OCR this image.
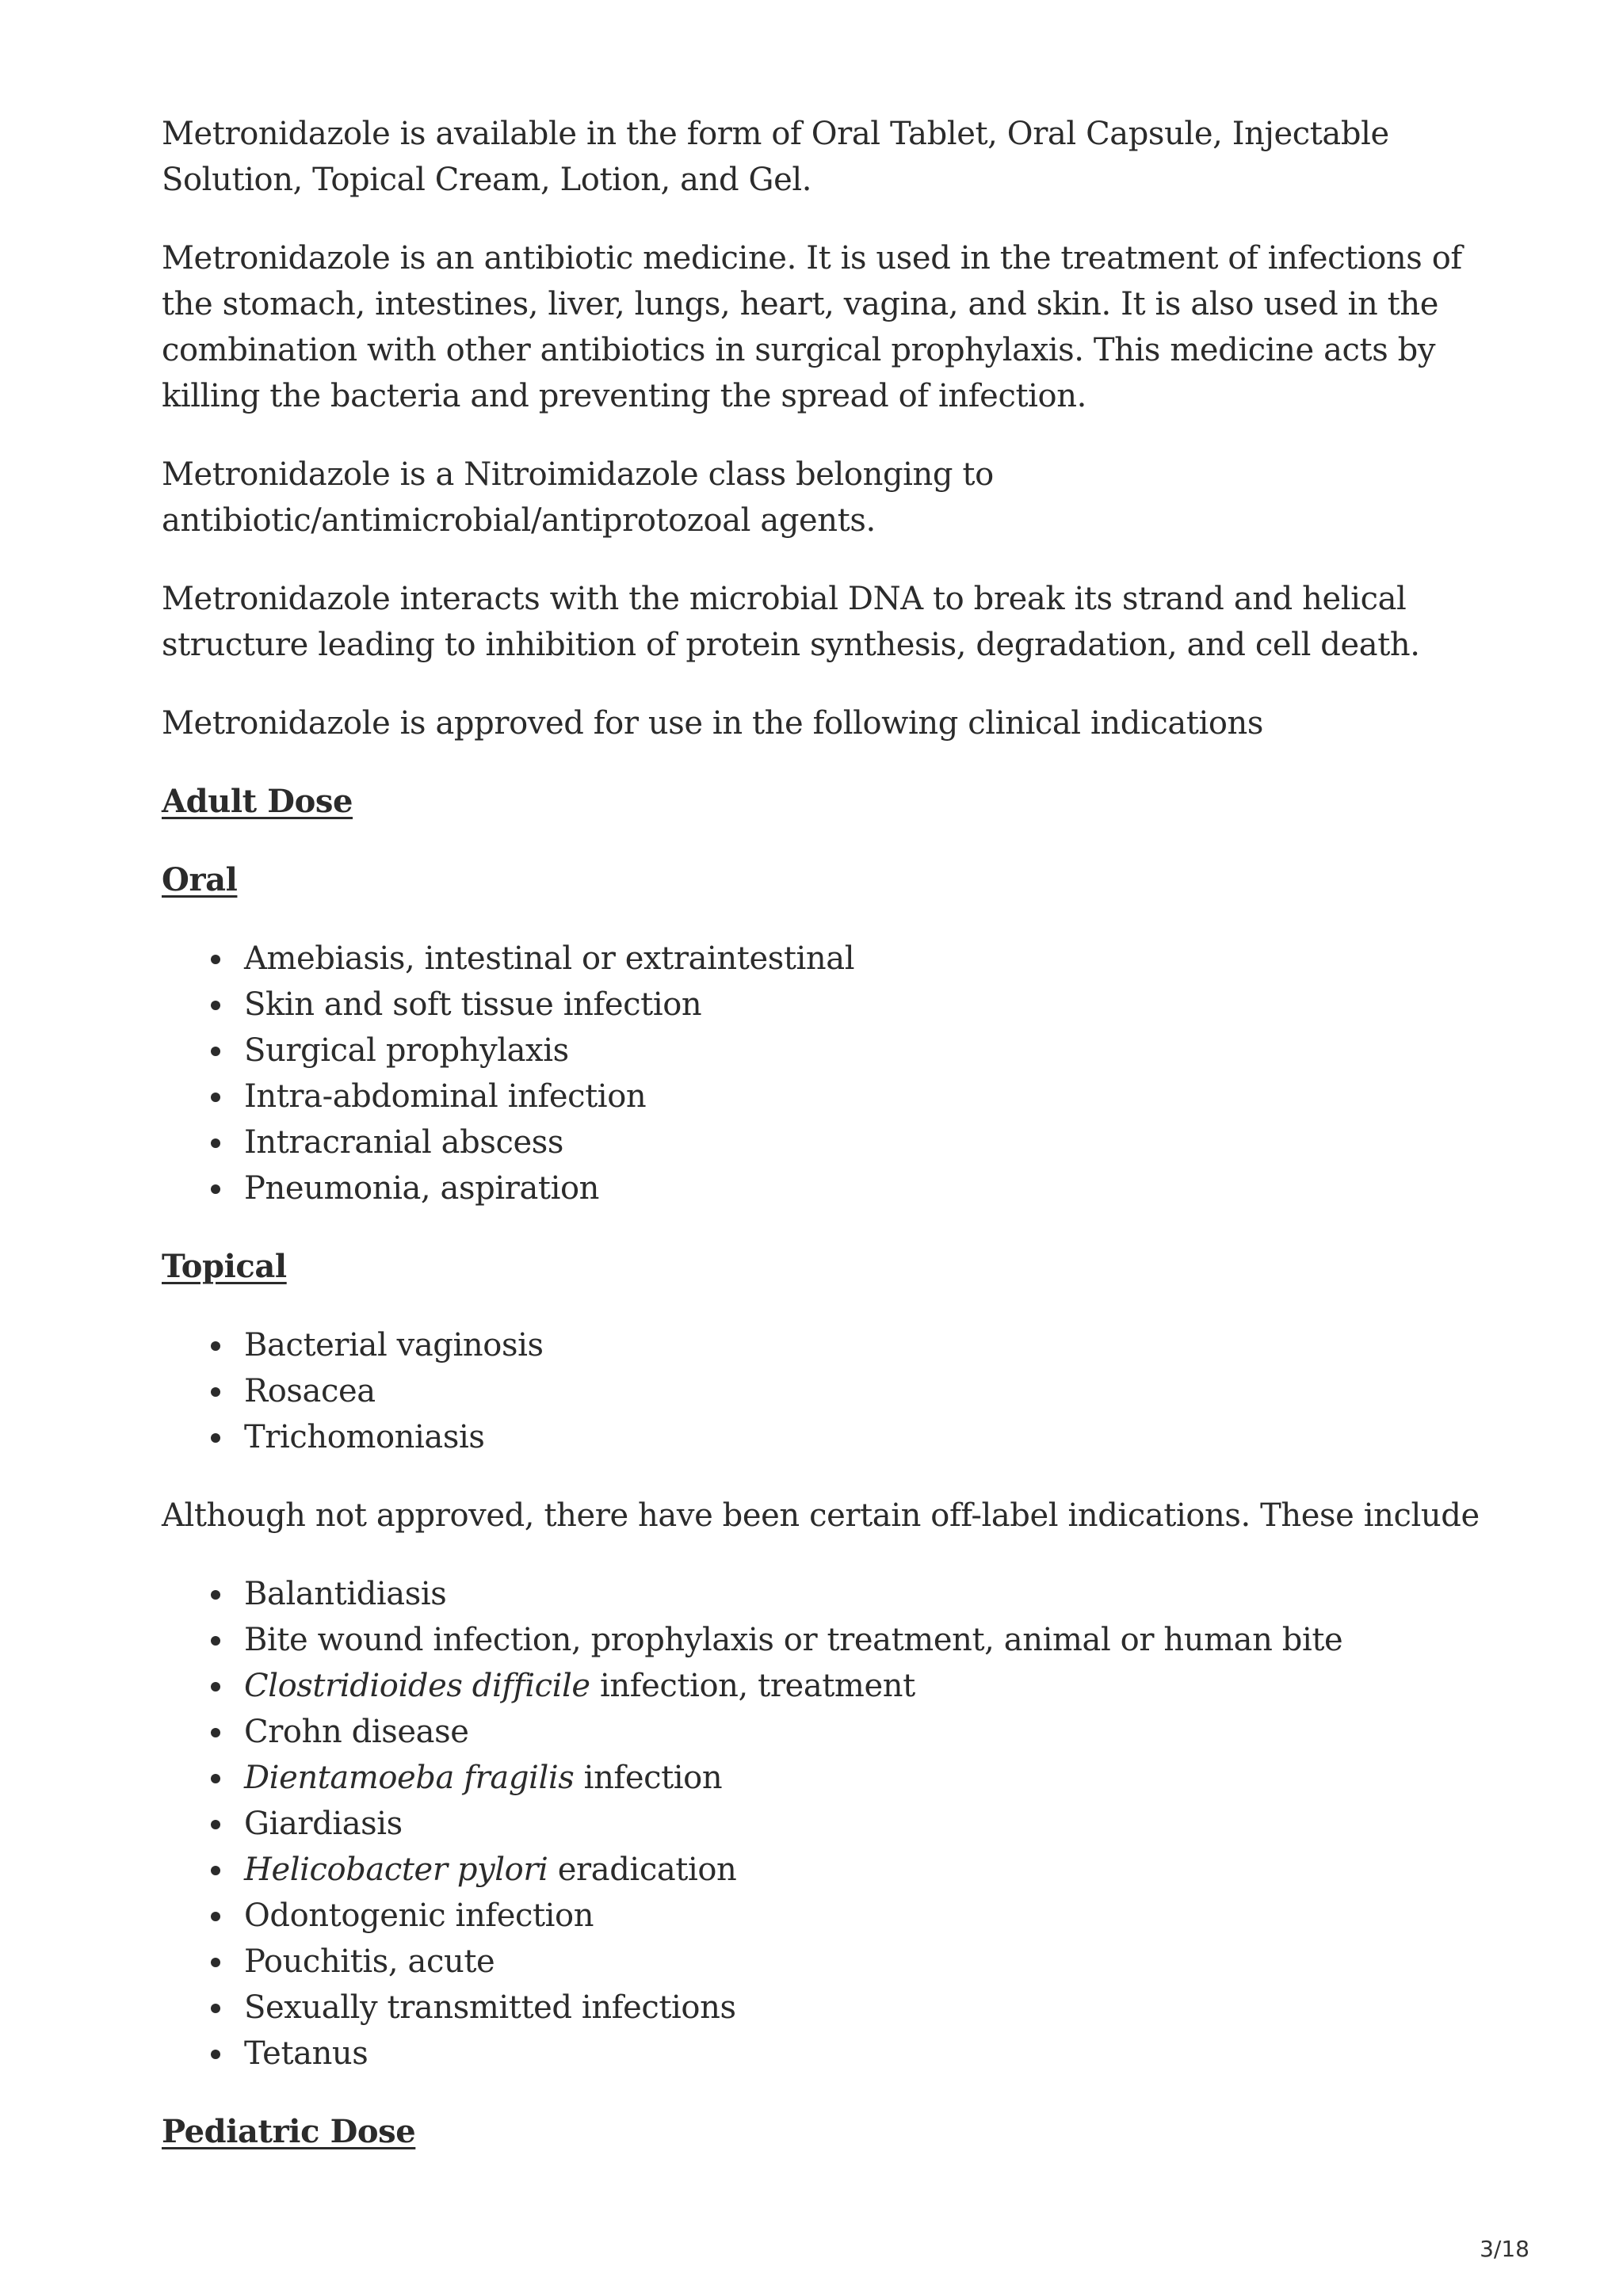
Metronidazole is available in the form of Oral Tablet, Oral Capsule, Injectable Solution, Topical Cream, Lotion, and Gel.

Metronidazole is an antibiotic medicine. It is used in the treatment of infections of the stomach, intestines, liver, lungs, heart, vagina, and skin. It is also used in the combination with other antibiotics in surgical prophylaxis. This medicine acts by killing the bacteria and preventing the spread of infection.

Metronidazole is a Nitroimidazole class belonging to
antibiotic/antimicrobial/antiprotozoal agents.

Metronidazole interacts with the microbial DNA to break its strand and helical structure leading to inhibition of protein synthesis, degradation, and cell death.

Metronidazole is approved for use in the following clinical indications

Adult Dose
Oral
Amebiasis, intestinal or extraintestinal
Skin and soft tissue infection
Surgical prophylaxis
Intra-abdominal infection
Intracranial abscess
Pneumonia, aspiration
Topical
Bacterial vaginosis
Rosacea
Trichomoniasis

Although not approved, there have been certain off-label indications. These include

Balantidiasis
Bite wound infection, prophylaxis or treatment, animal or human bite
Clostridioides difficile infection, treatment
Crohn disease
Dientamoeba fragilis infection
Giardiasis
Helicobacter pylori eradication
Odontogenic infection
Pouchitis, acute
Sexually transmitted infections
Tetanus
Pediatric Dose
3/18
